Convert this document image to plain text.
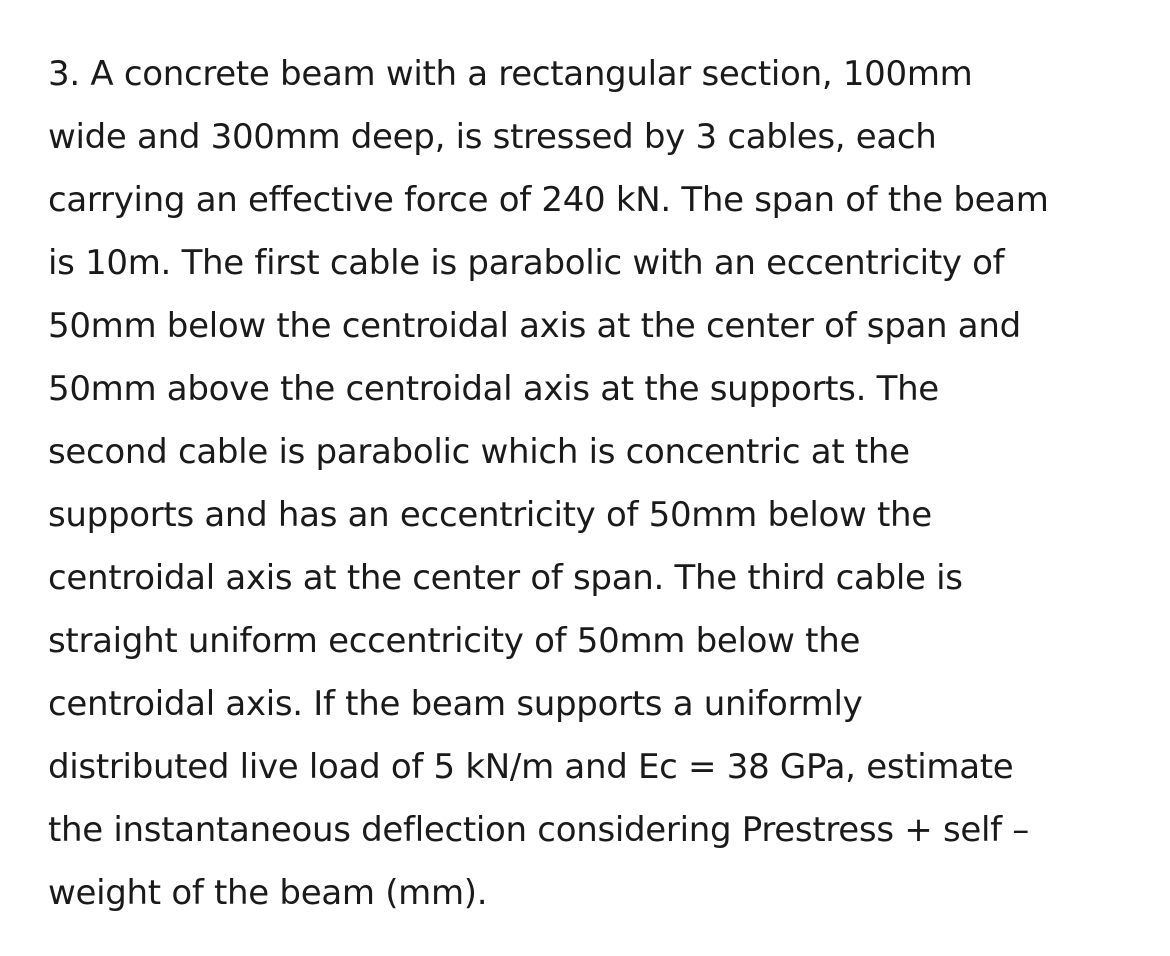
3. A concrete beam with a rectangular section, 100mm
wide and 300mm deep, is stressed by 3 cables, each
carrying an effective force of 240 kN. The span of the beam
is 10m. The first cable is parabolic with an eccentricity of
50mm below the centroidal axis at the center of span and
50mm above the centroidal axis at the supports. The
second cable is parabolic which is concentric at the
supports and has an eccentricity of 50mm below the
centroidal axis at the center of span. The third cable is
straight uniform eccentricity of 50mm below the
centroidal axis. If the beam supports a uniformly
distributed live load of 5 kN/m and Ec = 38 GPa, estimate
the instantaneous deflection considering Prestress + self –
weight of the beam (mm).
